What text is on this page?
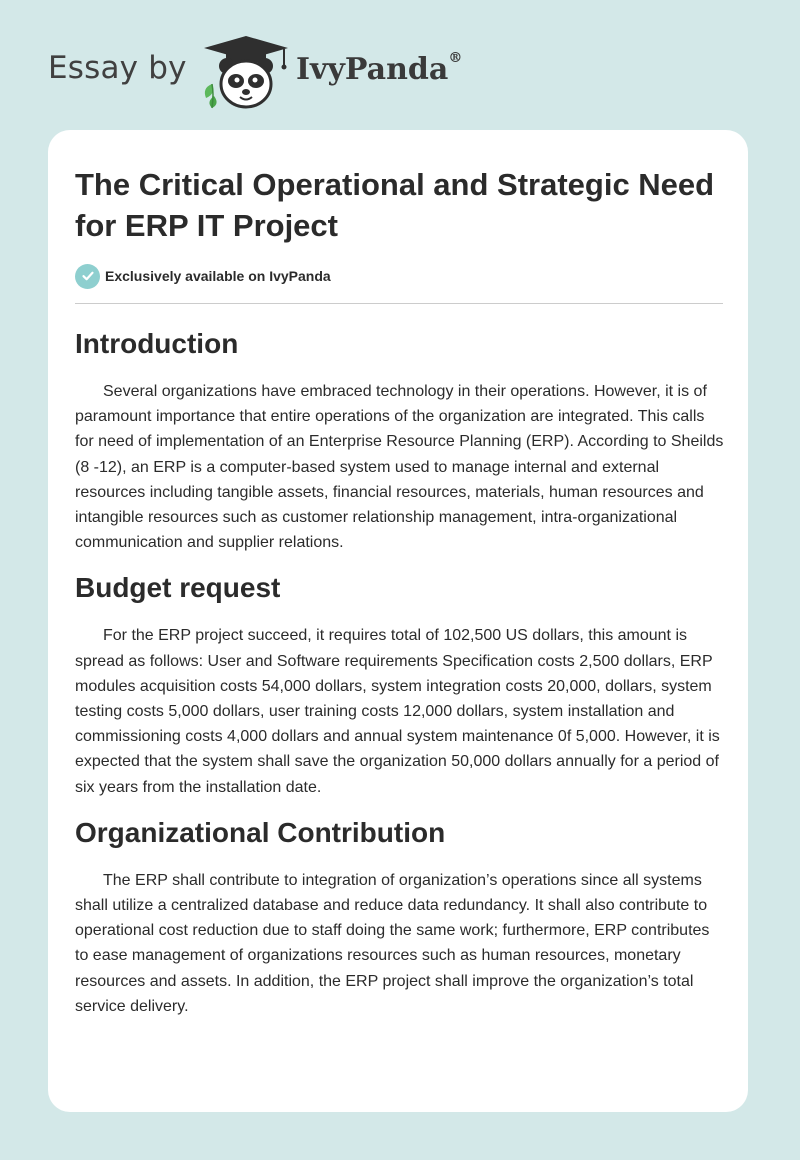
Essay by	IvyPanda®
The Critical Operational and Strategic Need for ERP IT Project
Exclusively available on IvyPanda
Introduction

Several organizations have embraced technology in their operations. However, it is of paramount importance that entire operations of the organization are integrated. This calls for need of implementation of an Enterprise Resource Planning (ERP). According to Sheilds (8 -12), an ERP is a computer-based system used to manage internal and external resources including tangible assets, financial resources, materials, human resources and intangible resources such as customer relationship management, intra-organizational communication and supplier relations.

Budget request

For the ERP project succeed, it requires total of 102,500 US dollars, this amount is spread as follows: User and Software requirements Specification costs 2,500 dollars, ERP modules acquisition costs 54,000 dollars, system integration costs 20,000, dollars, system testing costs 5,000 dollars, user training costs 12,000 dollars, system installation and commissioning costs 4,000 dollars and annual system maintenance 0f 5,000. However, it is expected that the system shall save the organization 50,000 dollars annually for a period of six years from the installation date.

Organizational Contribution

The ERP shall contribute to integration of organization’s operations since all systems shall utilize a centralized database and reduce data redundancy. It shall also contribute to operational cost reduction due to staff doing the same work; furthermore, ERP contributes to ease management of organizations resources such as human resources, monetary resources and assets. In addition, the ERP project shall improve the organization’s total service delivery.
